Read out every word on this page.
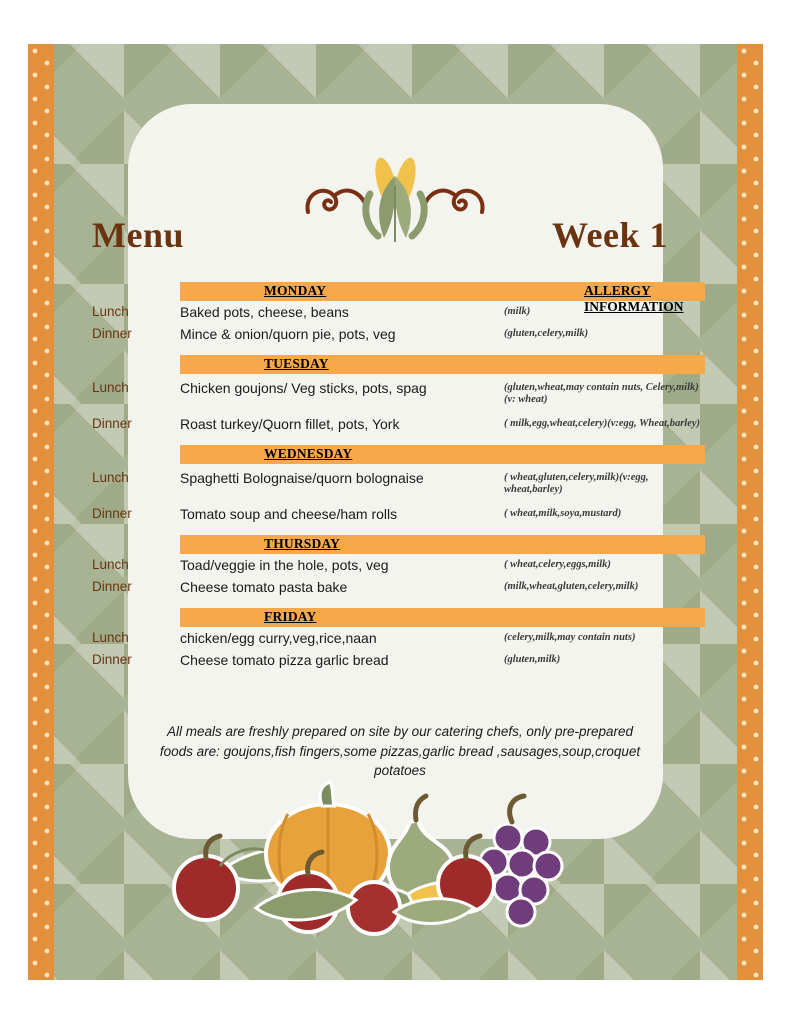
Menu	Week 1
MONDAY	ALLERGY INFORMATION
Lunch	Baked pots, cheese, beans	(milk)
Dinner	Mince & onion/quorn pie, pots, veg	(gluten,celery,milk)
TUESDAY
Lunch	Chicken goujons/ Veg sticks, pots, spag	(gluten,wheat,may contain nuts, Celery,milk)(v: wheat)
Dinner	Roast turkey/Quorn fillet, pots, York	( milk,egg,wheat,celery)(v:egg, Wheat,barley)
WEDNESDAY
Lunch	Spaghetti Bolognaise/quorn bolognaise	( wheat,gluten,celery,milk)(v:egg, wheat,barley)
Dinner	Tomato soup and cheese/ham rolls	( wheat,milk,soya,mustard)
THURSDAY
Lunch	Toad/veggie in the hole, pots, veg	( wheat,celery,eggs,milk)
Dinner	Cheese tomato pasta bake	(milk,wheat,gluten,celery,milk)
FRIDAY
Lunch	chicken/egg curry,veg,rice,naan	(celery,milk,may contain nuts)
Dinner	Cheese tomato pizza garlic bread	(gluten,milk)
All meals are freshly prepared on site by our catering chefs, only pre-prepared foods are: goujons,fish fingers,some pizzas,garlic bread ,sausages,soup,croquet potatoes
